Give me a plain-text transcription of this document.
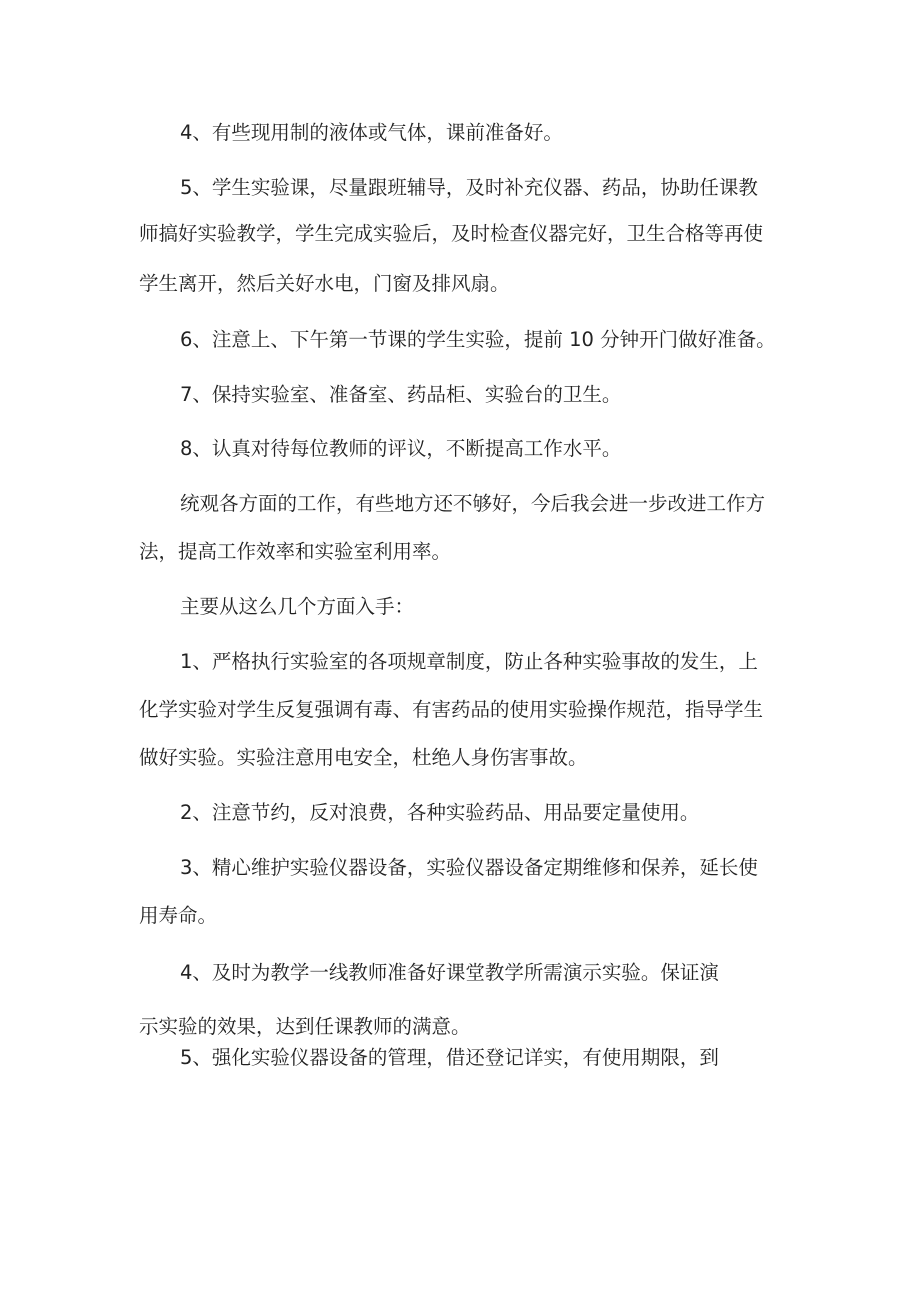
4、有些现用制的液体或气体，课前准备好。
5、学生实验课，尽量跟班辅导，及时补充仪器、药品，协助任课教
师搞好实验教学，学生完成实验后，及时检查仪器完好，卫生合格等再使
学生离开，然后关好水电，门窗及排风扇。
6、注意上、下午第一节课的学生实验，提前 10 分钟开门做好准备。
7、保持实验室、准备室、药品柜、实验台的卫生。
8、认真对待每位教师的评议，不断提高工作水平。
统观各方面的工作，有些地方还不够好，今后我会进一步改进工作方
法，提高工作效率和实验室利用率。
主要从这么几个方面入手：
1、严格执行实验室的各项规章制度，防止各种实验事故的发生，上
化学实验对学生反复强调有毒、有害药品的使用实验操作规范，指导学生
做好实验。实验注意用电安全，杜绝人身伤害事故。
2、注意节约，反对浪费，各种实验药品、用品要定量使用。
3、精心维护实验仪器设备，实验仪器设备定期维修和保养，延长使
用寿命。
4、及时为教学一线教师准备好课堂教学所需演示实验。保证演
示实验的效果，达到任课教师的满意。
5、强化实验仪器设备的管理，借还登记详实，有使用期限，到
